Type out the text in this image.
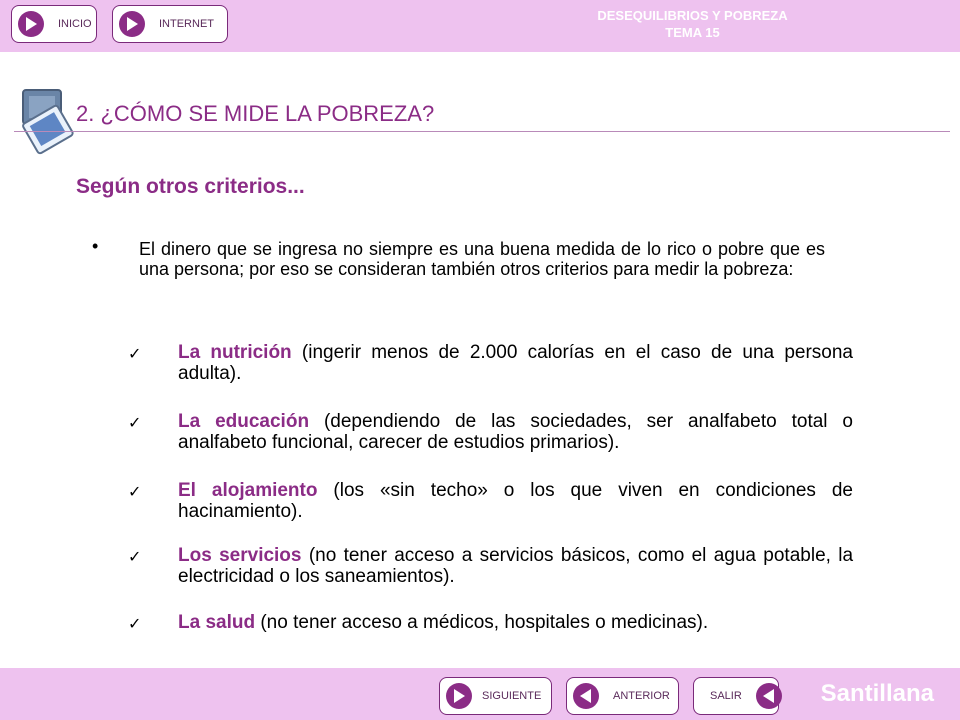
INICIO	INTERNET
DESEQUILIBRIOS Y POBREZA
TEMA 15
2. ¿CÓMO SE MIDE LA POBREZA?
Según otros criterios...
• El dinero que se ingresa no siempre es una buena medida de lo rico o pobre que es una persona; por eso se consideran también otros criterios para medir la pobreza:
✓ La nutrición (ingerir menos de 2.000 calorías en el caso de una persona adulta).
✓ La educación (dependiendo de las sociedades, ser analfabeto total o analfabeto funcional, carecer de estudios primarios).
✓ El alojamiento (los «sin techo» o los que viven en condiciones de hacinamiento).
✓ Los servicios (no tener acceso a servicios básicos, como el agua potable, la electricidad o los saneamientos).
✓ La salud (no tener acceso a médicos, hospitales o medicinas).
SIGUIENTE	ANTERIOR	SALIR	Santillana
